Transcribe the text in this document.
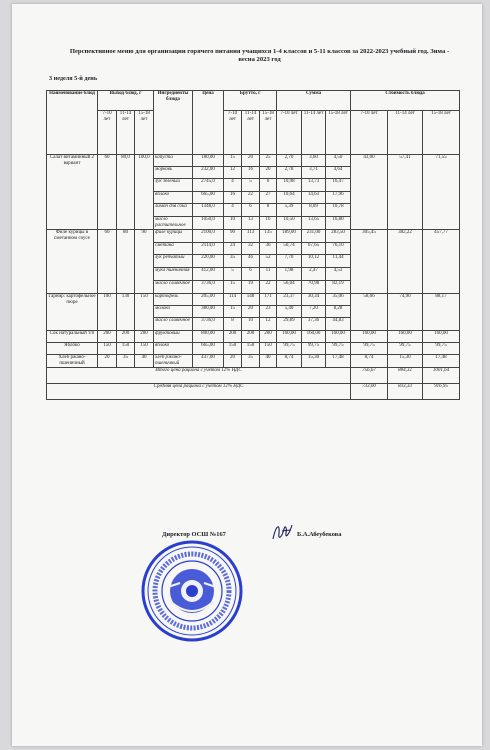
Перспективное меню для организации горячего питания учащихся 1-4 классов и 5-11 классов за 2022-2023 учебный год. Зима - весна 2023 год
3 неделя 5-й день
Наименование блюд	Выход блюд, г			Ингредиенты блюда	Цена	Брутто, г			Сумма			Стоимость блюда		
	7-10 лет	11-14 лет	15-18 лет			7-10 лет	11-14 лет	15-18 лет	7-10 лет	11-14 лет	15-18 лет	7-10 лет	11-14 лет	15-18 лет
Салат витаминный 2 вариант	60	80,0	100,0	капуста	180,00	15	20	25	2,70	3,60	4,50	43,00	57,41	71,55
				морковь	232,00	12	16	20	2,78	3,71	4,64			
				лук зеленый	2745,0	4	5	6	10,98	13,73	16,47			
				яблоко	665,00	16	22	27	10,64	14,63	17,96			
				лимон для сока	1348,0	4	6	8	5,39	8,09	10,78			
				масло растительное	1050,0	10	13	16	10,50	13,65	16,80			
Филе курицы в сметанном соусе	60	80	90	филе курицы	2100,0	90	113	135	189,00	231,00	283,50	305,45	382,22	457,77
				сметана	2114,0	24	32	36	50,74	67,65	76,10			
				лук репчатый	220,00	35	46	52	7,70	10,12	11,44			
				мука пшеничная	412,00	5	6	11	1,98	2,47	4,53			
				масло сливочное	3736,0	15	19	22	56,04	70,98	82,19			
Гарнир: картофельное пюре	100	130	150	картофель	205,00	114	148	171	23,37	30,34	35,06	58,66	74,90	88,17
				молоко	380,00	15	20	23	5,40	7,20	8,28			
				масло сливочное	3736,0	8	10	12	29,89	37,36	44,83			
Сок натуральный т/п	200	200	200	фруктовый	800,00	200	200	200	160,00	160,00	160,00	160,00	160,00	160,00
Яблоко	150	150	150	яблоко	665,00	150	150	150	99,75	99,75	99,75	99,75	99,75	99,75
Хлеб ржано-пшеничный	20	35	40	хлеб ржано-пшеничный	437,00	20	35	40	8,74	15,30	17,48	8,74	15,30	17,48
Итого цена рациона с учетом 12% НДС												756,67	884,32	1001,64
Средняя цена рациона с учетом 12% НДС												733,00	833,33	916,95
Директор ОСШ №167	Б.А.Абеубекова
